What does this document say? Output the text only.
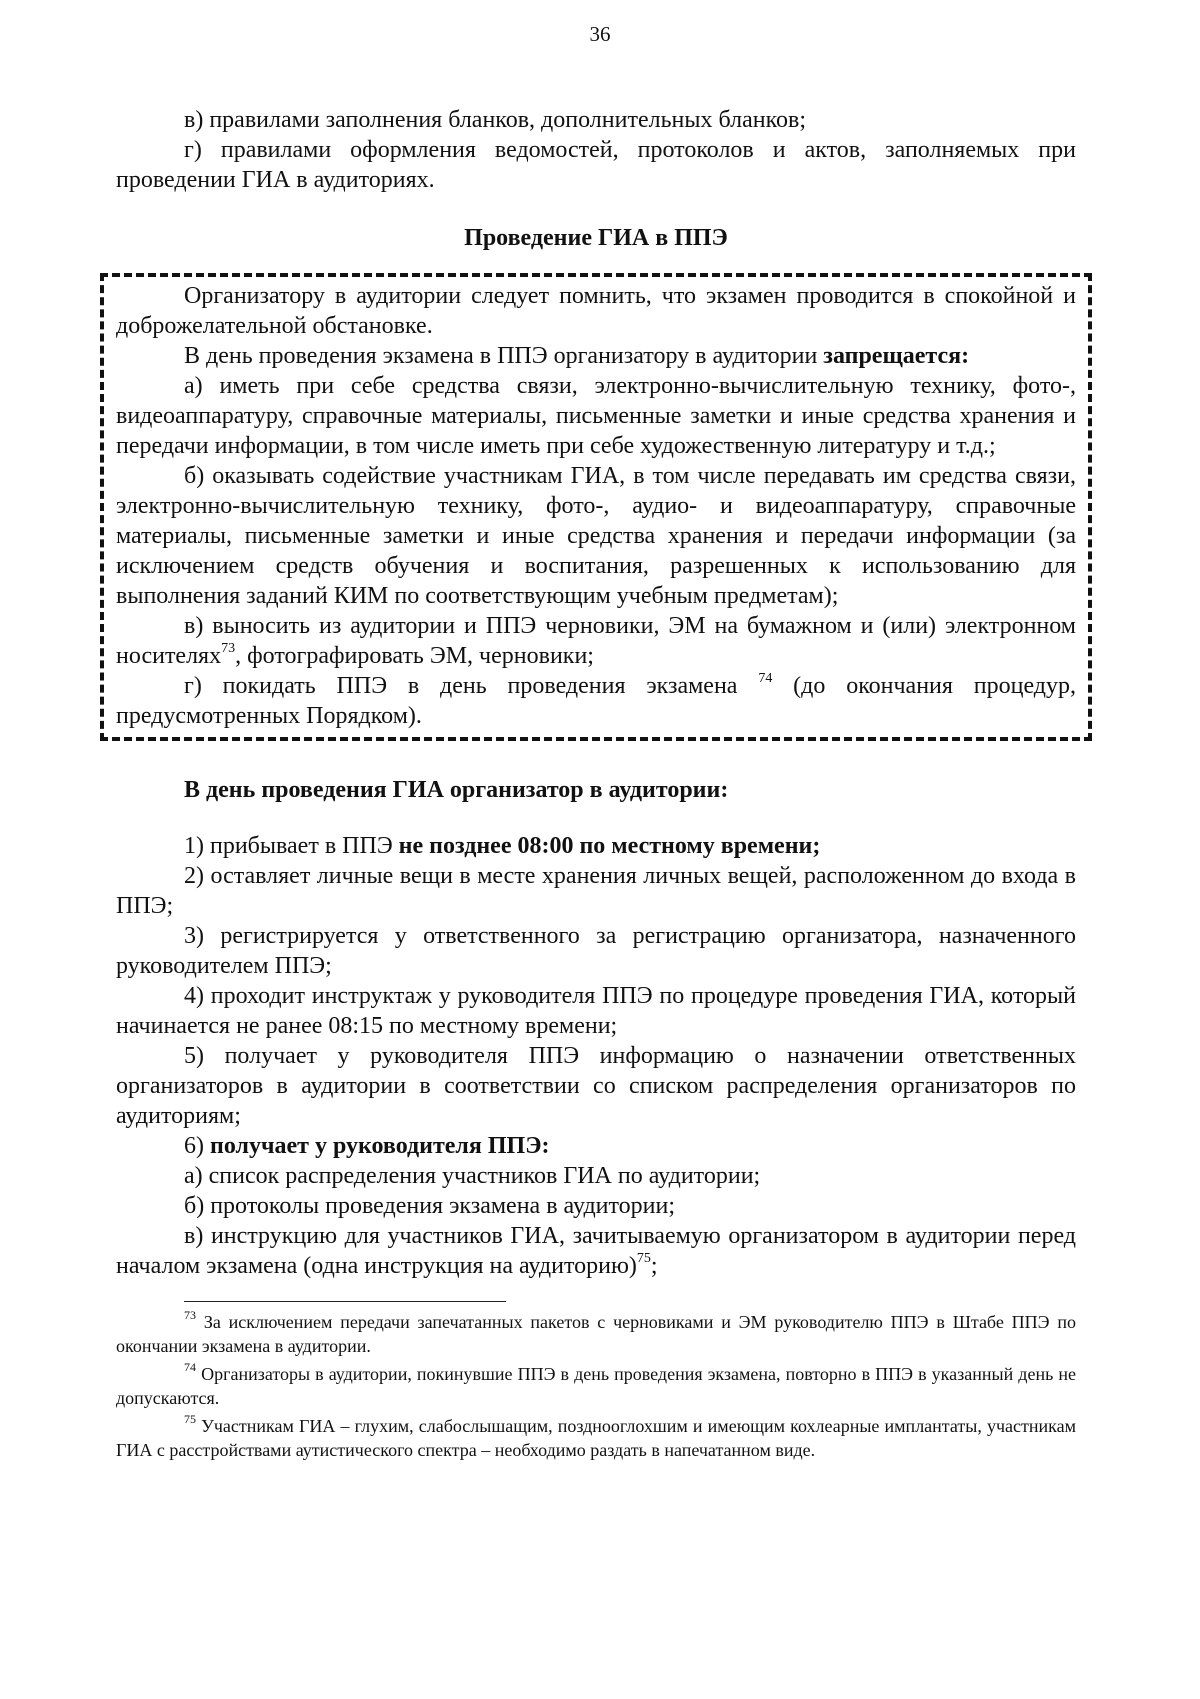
36

в) правилами заполнения бланков, дополнительных бланков;

г) правилами оформления ведомостей, протоколов и актов, заполняемых при проведении ГИА в аудиториях.

Проведение ГИА в ППЭ

Организатору в аудитории следует помнить, что экзамен проводится в спокойной и доброжелательной обстановке.

В день проведения экзамена в ППЭ организатору в аудитории запрещается:

а) иметь при себе средства связи, электронно-вычислительную технику, фото-, видеоаппаратуру, справочные материалы, письменные заметки и иные средства хранения и передачи информации, в том числе иметь при себе художественную литературу и т.д.;

б) оказывать содействие участникам ГИА, в том числе передавать им средства связи, электронно-вычислительную технику, фото-, аудио- и видеоаппаратуру, справочные материалы, письменные заметки и иные средства хранения и передачи информации (за исключением средств обучения и воспитания, разрешенных к использованию для выполнения заданий КИМ по соответствующим учебным предметам);

в) выносить из аудитории и ППЭ черновики, ЭМ на бумажном и (или) электронном носителях$^{73}$, фотографировать ЭМ, черновики;

г) покидать ППЭ в день проведения экзамена $^{74}$ (до окончания процедур, предусмотренных Порядком).

В день проведения ГИА организатор в аудитории:

1) прибывает в ППЭ не позднее 08:00 по местному времени;

2) оставляет личные вещи в месте хранения личных вещей, расположенном до входа в ППЭ;

3) регистрируется у ответственного за регистрацию организатора, назначенного руководителем ППЭ;

4) проходит инструктаж у руководителя ППЭ по процедуре проведения ГИА, который начинается не ранее 08:15 по местному времени;

5) получает у руководителя ППЭ информацию о назначении ответственных организаторов в аудитории в соответствии со списком распределения организаторов по аудиториям;

6) получает у руководителя ППЭ:

а) список распределения участников ГИА по аудитории;

б) протоколы проведения экзамена в аудитории;

в) инструкцию для участников ГИА, зачитываемую организатором в аудитории перед началом экзамена (одна инструкция на аудиторию)$^{75}$;

$^{73}$ За исключением передачи запечатанных пакетов с черновиками и ЭМ руководителю ППЭ в Штабе ППЭ по окончании экзамена в аудитории.

$^{74}$ Организаторы в аудитории, покинувшие ППЭ в день проведения экзамена, повторно в ППЭ в указанный день не допускаются.

$^{75}$ Участникам ГИА – глухим, слабослышащим, позднооглохшим и имеющим кохлеарные имплантаты, участникам ГИА с расстройствами аутистического спектра – необходимо раздать в напечатанном виде.
